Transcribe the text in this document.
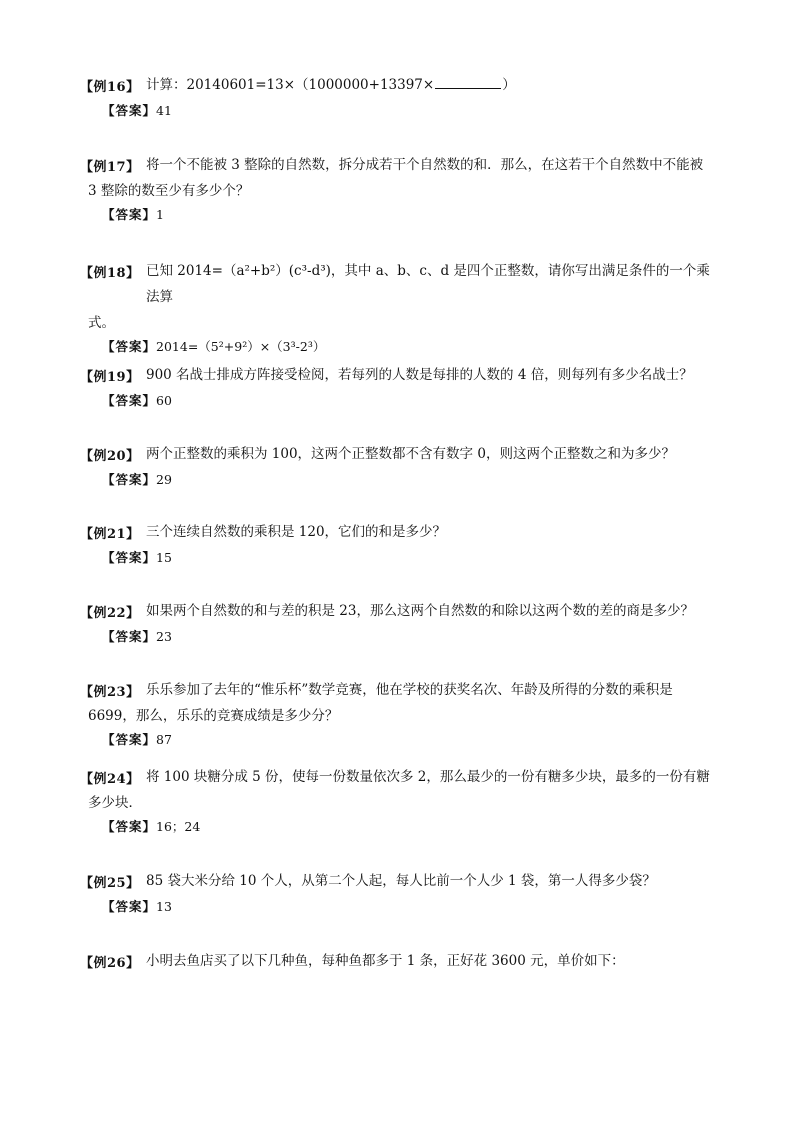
【例16】 计算：20140601=13×（1000000+13397×	）
【答案】41
【例17】 将一个不能被 3 整除的自然数，拆分成若干个自然数的和．那么，在这若干个自然数中不能被
3 整除的数至少有多少个？
【答案】1
【例18】 已知 2014=（a²+b²）(c³-d³)，其中 a、b、c、d 是四个正整数，请你写出满足条件的一个乘法算
式。
【答案】2014=（5²+9²）×（3³-2³）
【例19】 900 名战士排成方阵接受检阅，若每列的人数是每排的人数的 4 倍，则每列有多少名战士？
【答案】60
【例20】 两个正整数的乘积为 100，这两个正整数都不含有数字 0，则这两个正整数之和为多少？
【答案】29
【例21】 三个连续自然数的乘积是 120，它们的和是多少？
【答案】15
【例22】 如果两个自然数的和与差的积是 23，那么这两个自然数的和除以这两个数的差的商是多少？
【答案】23
【例23】 乐乐参加了去年的“惟乐杯”数学竞赛，他在学校的获奖名次、年龄及所得的分数的乘积是
6699，那么，乐乐的竞赛成绩是多少分？
【答案】87
【例24】 将 100 块糖分成 5 份，使每一份数量依次多 2，那么最少的一份有糖多少块，最多的一份有糖
多少块．
【答案】16；24
【例25】 85 袋大米分给 10 个人，从第二个人起，每人比前一个人少 1 袋，第一人得多少袋？
【答案】13
【例26】 小明去鱼店买了以下几种鱼，每种鱼都多于 1 条，正好花 3600 元，单价如下：
